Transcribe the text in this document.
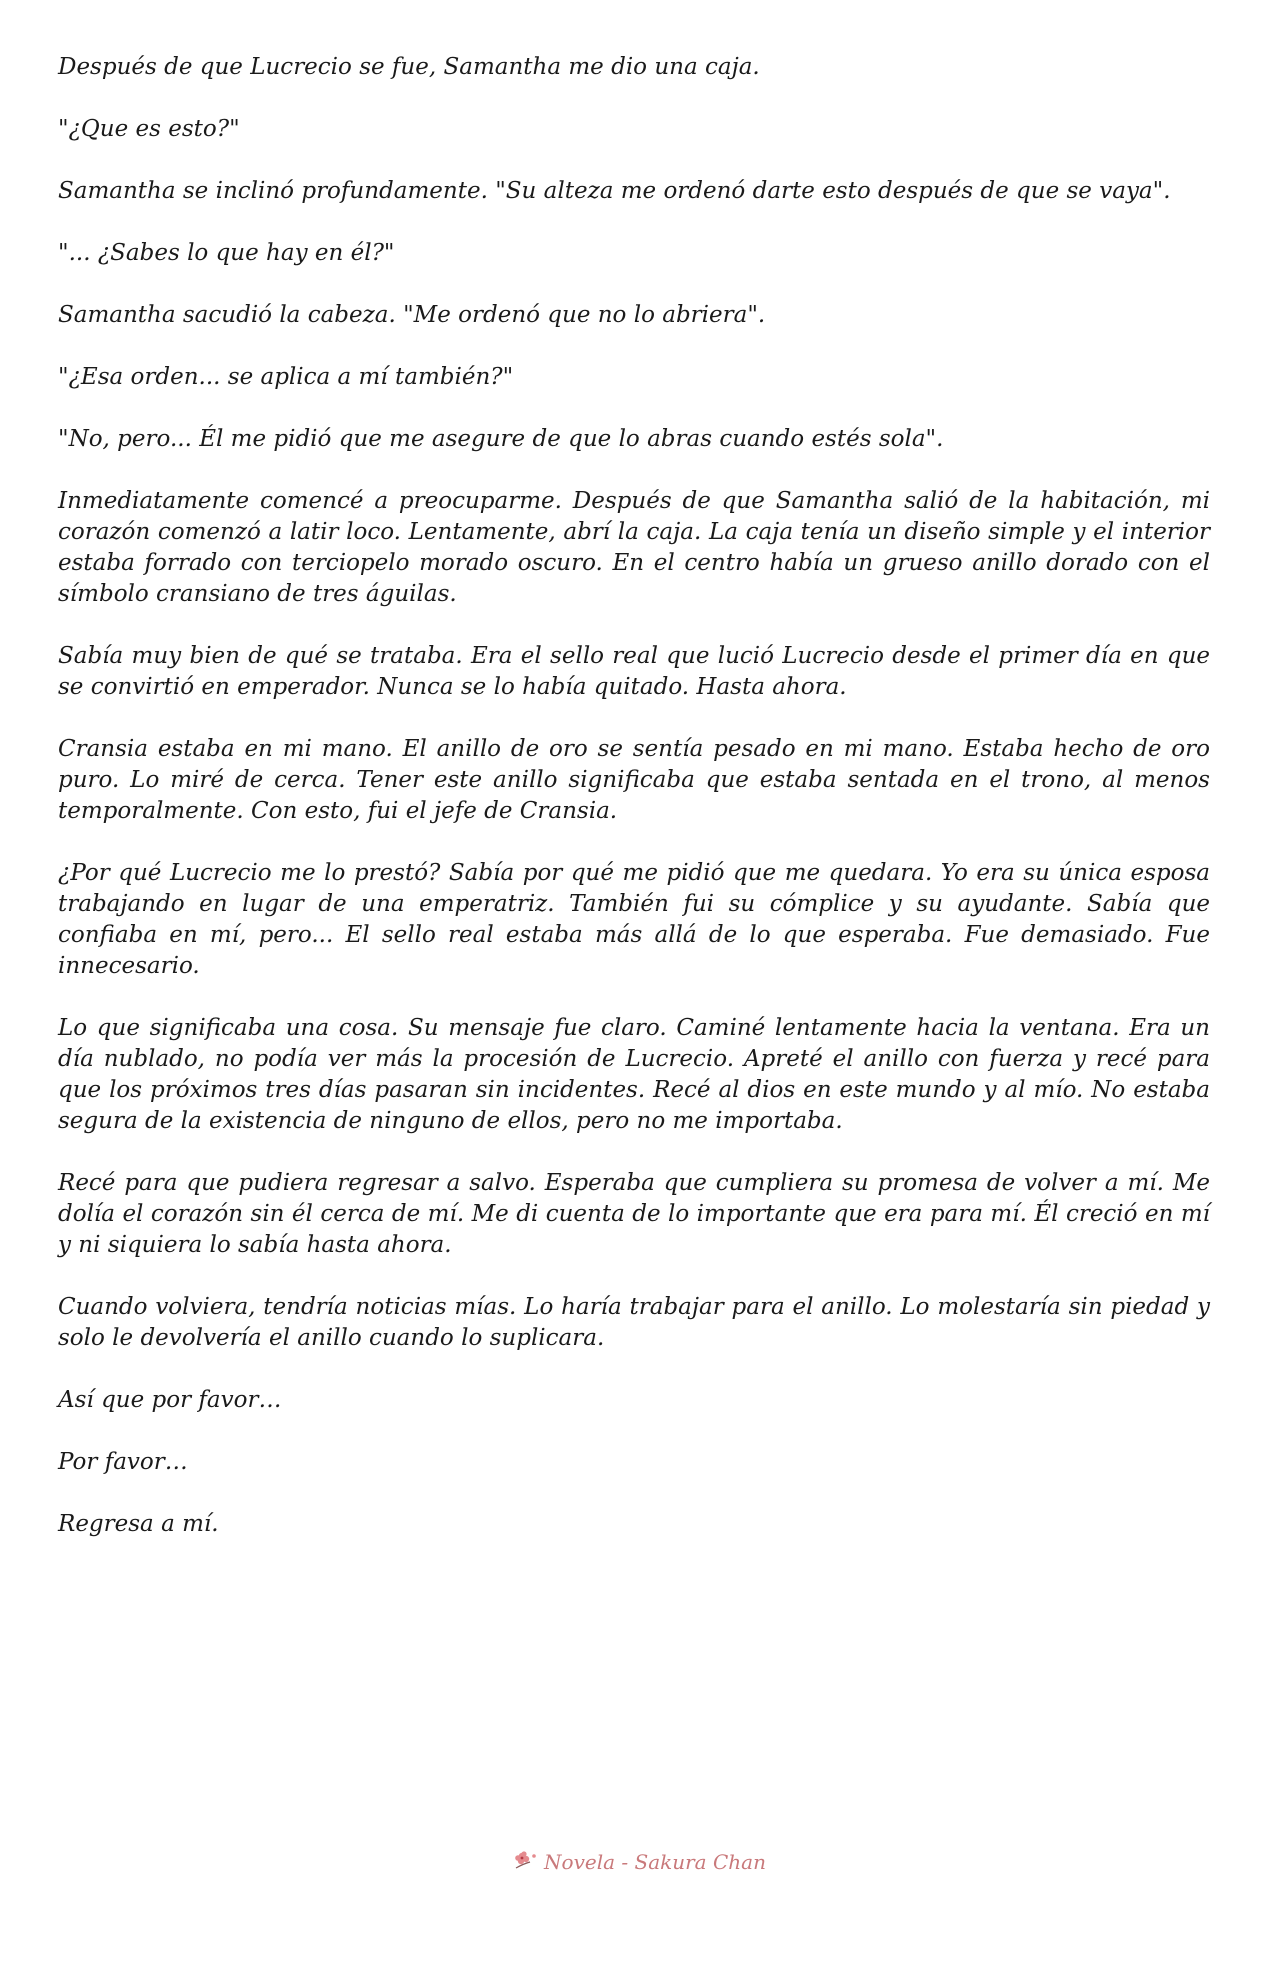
Después de que Lucrecio se fue, Samantha me dio una caja.

"¿Que es esto?"

Samantha se inclinó profundamente. "Su alteza me ordenó darte esto después de que se vaya".

"... ¿Sabes lo que hay en él?"

Samantha sacudió la cabeza. "Me ordenó que no lo abriera".

"¿Esa orden... se aplica a mí también?"

"No, pero... Él me pidió que me asegure de que lo abras cuando estés sola".

Inmediatamente comencé a preocuparme. Después de que Samantha salió de la habitación, mi corazón comenzó a latir loco. Lentamente, abrí la caja. La caja tenía un diseño simple y el interior estaba forrado con terciopelo morado oscuro. En el centro había un grueso anillo dorado con el símbolo cransiano de tres águilas.

Sabía muy bien de qué se trataba. Era el sello real que lució Lucrecio desde el primer día en que se convirtió en emperador. Nunca se lo había quitado. Hasta ahora.

Cransia estaba en mi mano. El anillo de oro se sentía pesado en mi mano. Estaba hecho de oro puro. Lo miré de cerca. Tener este anillo significaba que estaba sentada en el trono, al menos temporalmente. Con esto, fui el jefe de Cransia.

¿Por qué Lucrecio me lo prestó? Sabía por qué me pidió que me quedara. Yo era su única esposa trabajando en lugar de una emperatriz. También fui su cómplice y su ayudante. Sabía que confiaba en mí, pero... El sello real estaba más allá de lo que esperaba. Fue demasiado. Fue innecesario.

Lo que significaba una cosa. Su mensaje fue claro. Caminé lentamente hacia la ventana. Era un día nublado, no podía ver más la procesión de Lucrecio. Apreté el anillo con fuerza y recé para que los próximos tres días pasaran sin incidentes. Recé al dios en este mundo y al mío. No estaba segura de la existencia de ninguno de ellos, pero no me importaba.

Recé para que pudiera regresar a salvo. Esperaba que cumpliera su promesa de volver a mí. Me dolía el corazón sin él cerca de mí. Me di cuenta de lo importante que era para mí. Él creció en mí y ni siquiera lo sabía hasta ahora.

Cuando volviera, tendría noticias mías. Lo haría trabajar para el anillo. Lo molestaría sin piedad y solo le devolvería el anillo cuando lo suplicara.

Así que por favor…

Por favor…

Regresa a mí.

Novela - Sakura Chan
